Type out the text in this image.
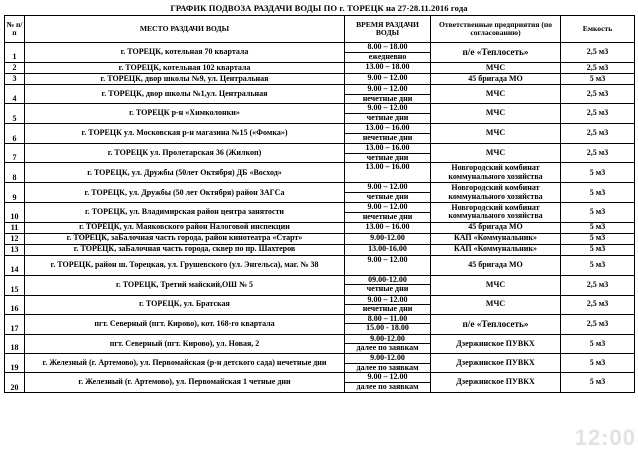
ГРАФИК ПОДВОЗА РАЗДАЧИ ВОДЫ ПО г. ТОРЕЦК на 27-28.11.2016 года
№ п/п	МЕСТО РАЗДАЧИ ВОДЫ	ВРЕМЯ РАЗДАЧИ ВОДЫ	Ответственные предприятия (по согласованию)	Емкость
1	г. ТОРЕЦК, котельная 70 квартала	8.00 – 18.00
ежедневно	п/е «Теплосеть»	2,5 м3
2	г. ТОРЕЦК, котельная 102 квартала	13.00 – 18.00	МЧС	2,5 м3
3	г. ТОРЕЦК, двор школы №9, ул. Центральная	9.00 – 12.00	45 бригада МО	5 м3
4	г. ТОРЕЦК, двор школы №1,ул. Центральная	9.00 – 12.00
нечетные дни	МЧС	2,5 м3
5	г. ТОРЕЦК р-н «Химколонки»	9.00 – 12.00
четные дни	МЧС	2,5 м3
6	г. ТОРЕЦК ул. Московская р-н магазина №15 («Фомка»)	13.00 – 16.00
нечетные дни	МЧС	2,5 м3
7	г. ТОРЕЦК ул. Пролетарская 36 (Жилкоп)	13.00 – 16.00
четные дни	МЧС	2,5 м3
8	г. ТОРЕЦК, ул. Дружбы (50лет Октября) ДБ «Восход»	13.00 – 16.00	Новгородский комбинат
коммунального хозяйства	5 м3
9	г. ТОРЕЦК, ул. Дружбы (50 лет Октября) район ЗАГСа	9.00 – 12.00
четные дни	Новгородский комбинат
коммунального хозяйства	5 м3
10	г. ТОРЕЦК, ул. Владимирская район центра занятости	9.00 – 12.00
нечетные дни	Новгородский комбинат
коммунального хозяйства	5 м3
11	г. ТОРЕЦК, ул. Маяковского район Налоговой инспекции	13.00 – 16.00	45 бригада МО	5 м3
12	г. ТОРЕЦК, заБалочная часть города, район кинотеатра «Старт»	9.00-12.00	КАП «Коммунальник»	5 м3
13	г. ТОРЕЦК, заБалочная часть города, сквер по пр. Шахтеров	13.00-16.00	КАП «Коммунальник»	5 м3
14	г. ТОРЕЦК, район ш. Торецкая, ул. Грушевского (ул. Энгельса), маг. № 38	9.00 – 12.00	45 бригада МО	5 м3
15	г. ТОРЕЦК, Третий майский,ОШ № 5	09.00-12.00
четные дни	МЧС	2,5 м3
16	г. ТОРЕЦК, ул. Братская	9.00 – 12.00
нечетные дни	МЧС	2,5 м3
17	пгт. Северный (пгт. Кирово), кот. 168-го квартала	8.00 – 11.00
15.00 - 18.00	п/е «Теплосеть»	2,5 м3
18	пгт. Северный (пгт. Кирово), ул. Новая, 2	9.00-12.00
далее по заявкам	Дзержинское ПУВКХ	5 м3
19	г. Железный (г. Артемово), ул. Первомайская (р-н детского сада) нечетные дни	9.00-12.00
далее по заявкам	Дзержинское ПУВКХ	5 м3
20	г. Железный (г. Артемово), ул. Первомайская 1 четные дни	9.00 – 12.00
далее по заявкам	Дзержинское ПУВКХ	5 м3
12:00
